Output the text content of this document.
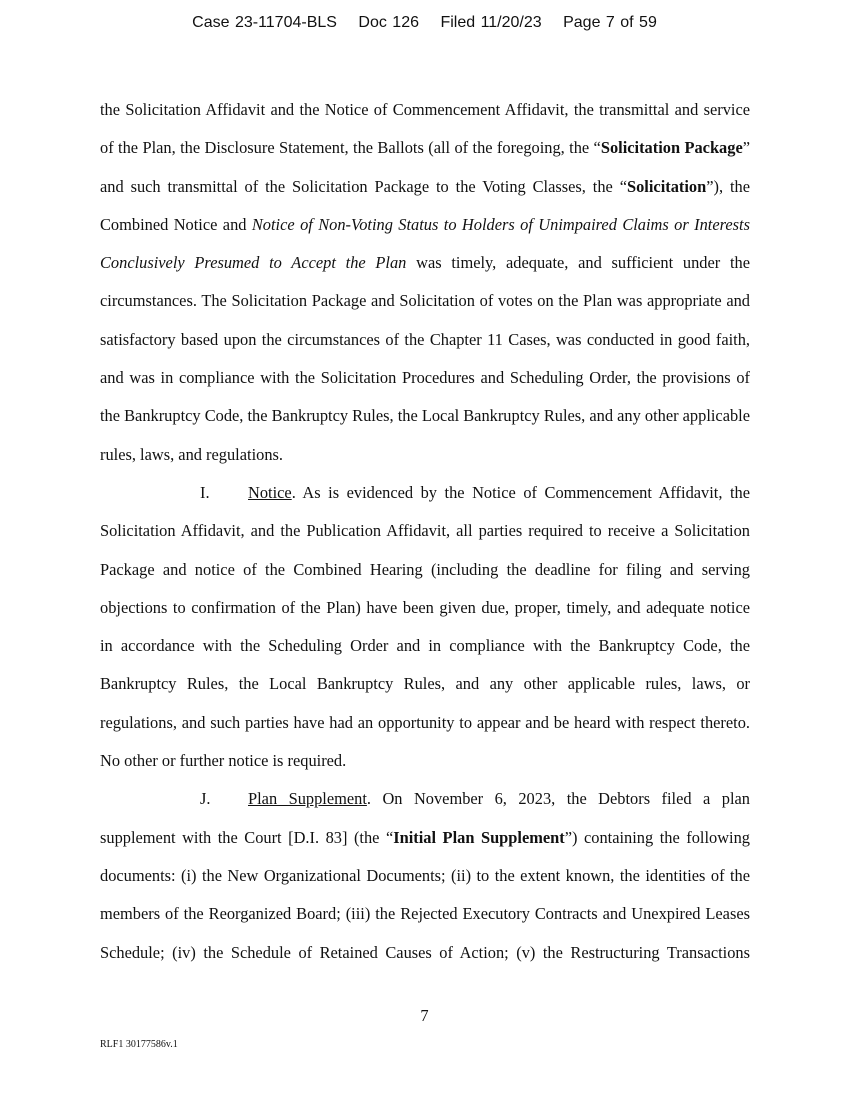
Case 23-11704-BLS Doc 126 Filed 11/20/23 Page 7 of 59
the Solicitation Affidavit and the Notice of Commencement Affidavit, the transmittal and service
of the Plan, the Disclosure Statement, the Ballots (all of the foregoing, the “Solicitation Package”
and such transmittal of the Solicitation Package to the Voting Classes, the “Solicitation”), the
Combined Notice and Notice of Non-Voting Status to Holders of Unimpaired Claims or Interests
Conclusively Presumed to Accept the Plan was timely, adequate, and sufficient under the
circumstances. The Solicitation Package and Solicitation of votes on the Plan was appropriate and
satisfactory based upon the circumstances of the Chapter 11 Cases, was conducted in good faith,
and was in compliance with the Solicitation Procedures and Scheduling Order, the provisions of
the Bankruptcy Code, the Bankruptcy Rules, the Local Bankruptcy Rules, and any other applicable
rules, laws, and regulations.
I. Notice. As is evidenced by the Notice of Commencement Affidavit, the
Solicitation Affidavit, and the Publication Affidavit, all parties required to receive a Solicitation
Package and notice of the Combined Hearing (including the deadline for filing and serving
objections to confirmation of the Plan) have been given due, proper, timely, and adequate notice
in accordance with the Scheduling Order and in compliance with the Bankruptcy Code, the
Bankruptcy Rules, the Local Bankruptcy Rules, and any other applicable rules, laws, or
regulations, and such parties have had an opportunity to appear and be heard with respect thereto.
No other or further notice is required.
J. Plan Supplement. On November 6, 2023, the Debtors filed a plan
supplement with the Court [D.I. 83] (the “Initial Plan Supplement”) containing the following
documents: (i) the New Organizational Documents; (ii) to the extent known, the identities of the
members of the Reorganized Board; (iii) the Rejected Executory Contracts and Unexpired Leases
Schedule; (iv) the Schedule of Retained Causes of Action; (v) the Restructuring Transactions
7
RLF1 30177586v.1
